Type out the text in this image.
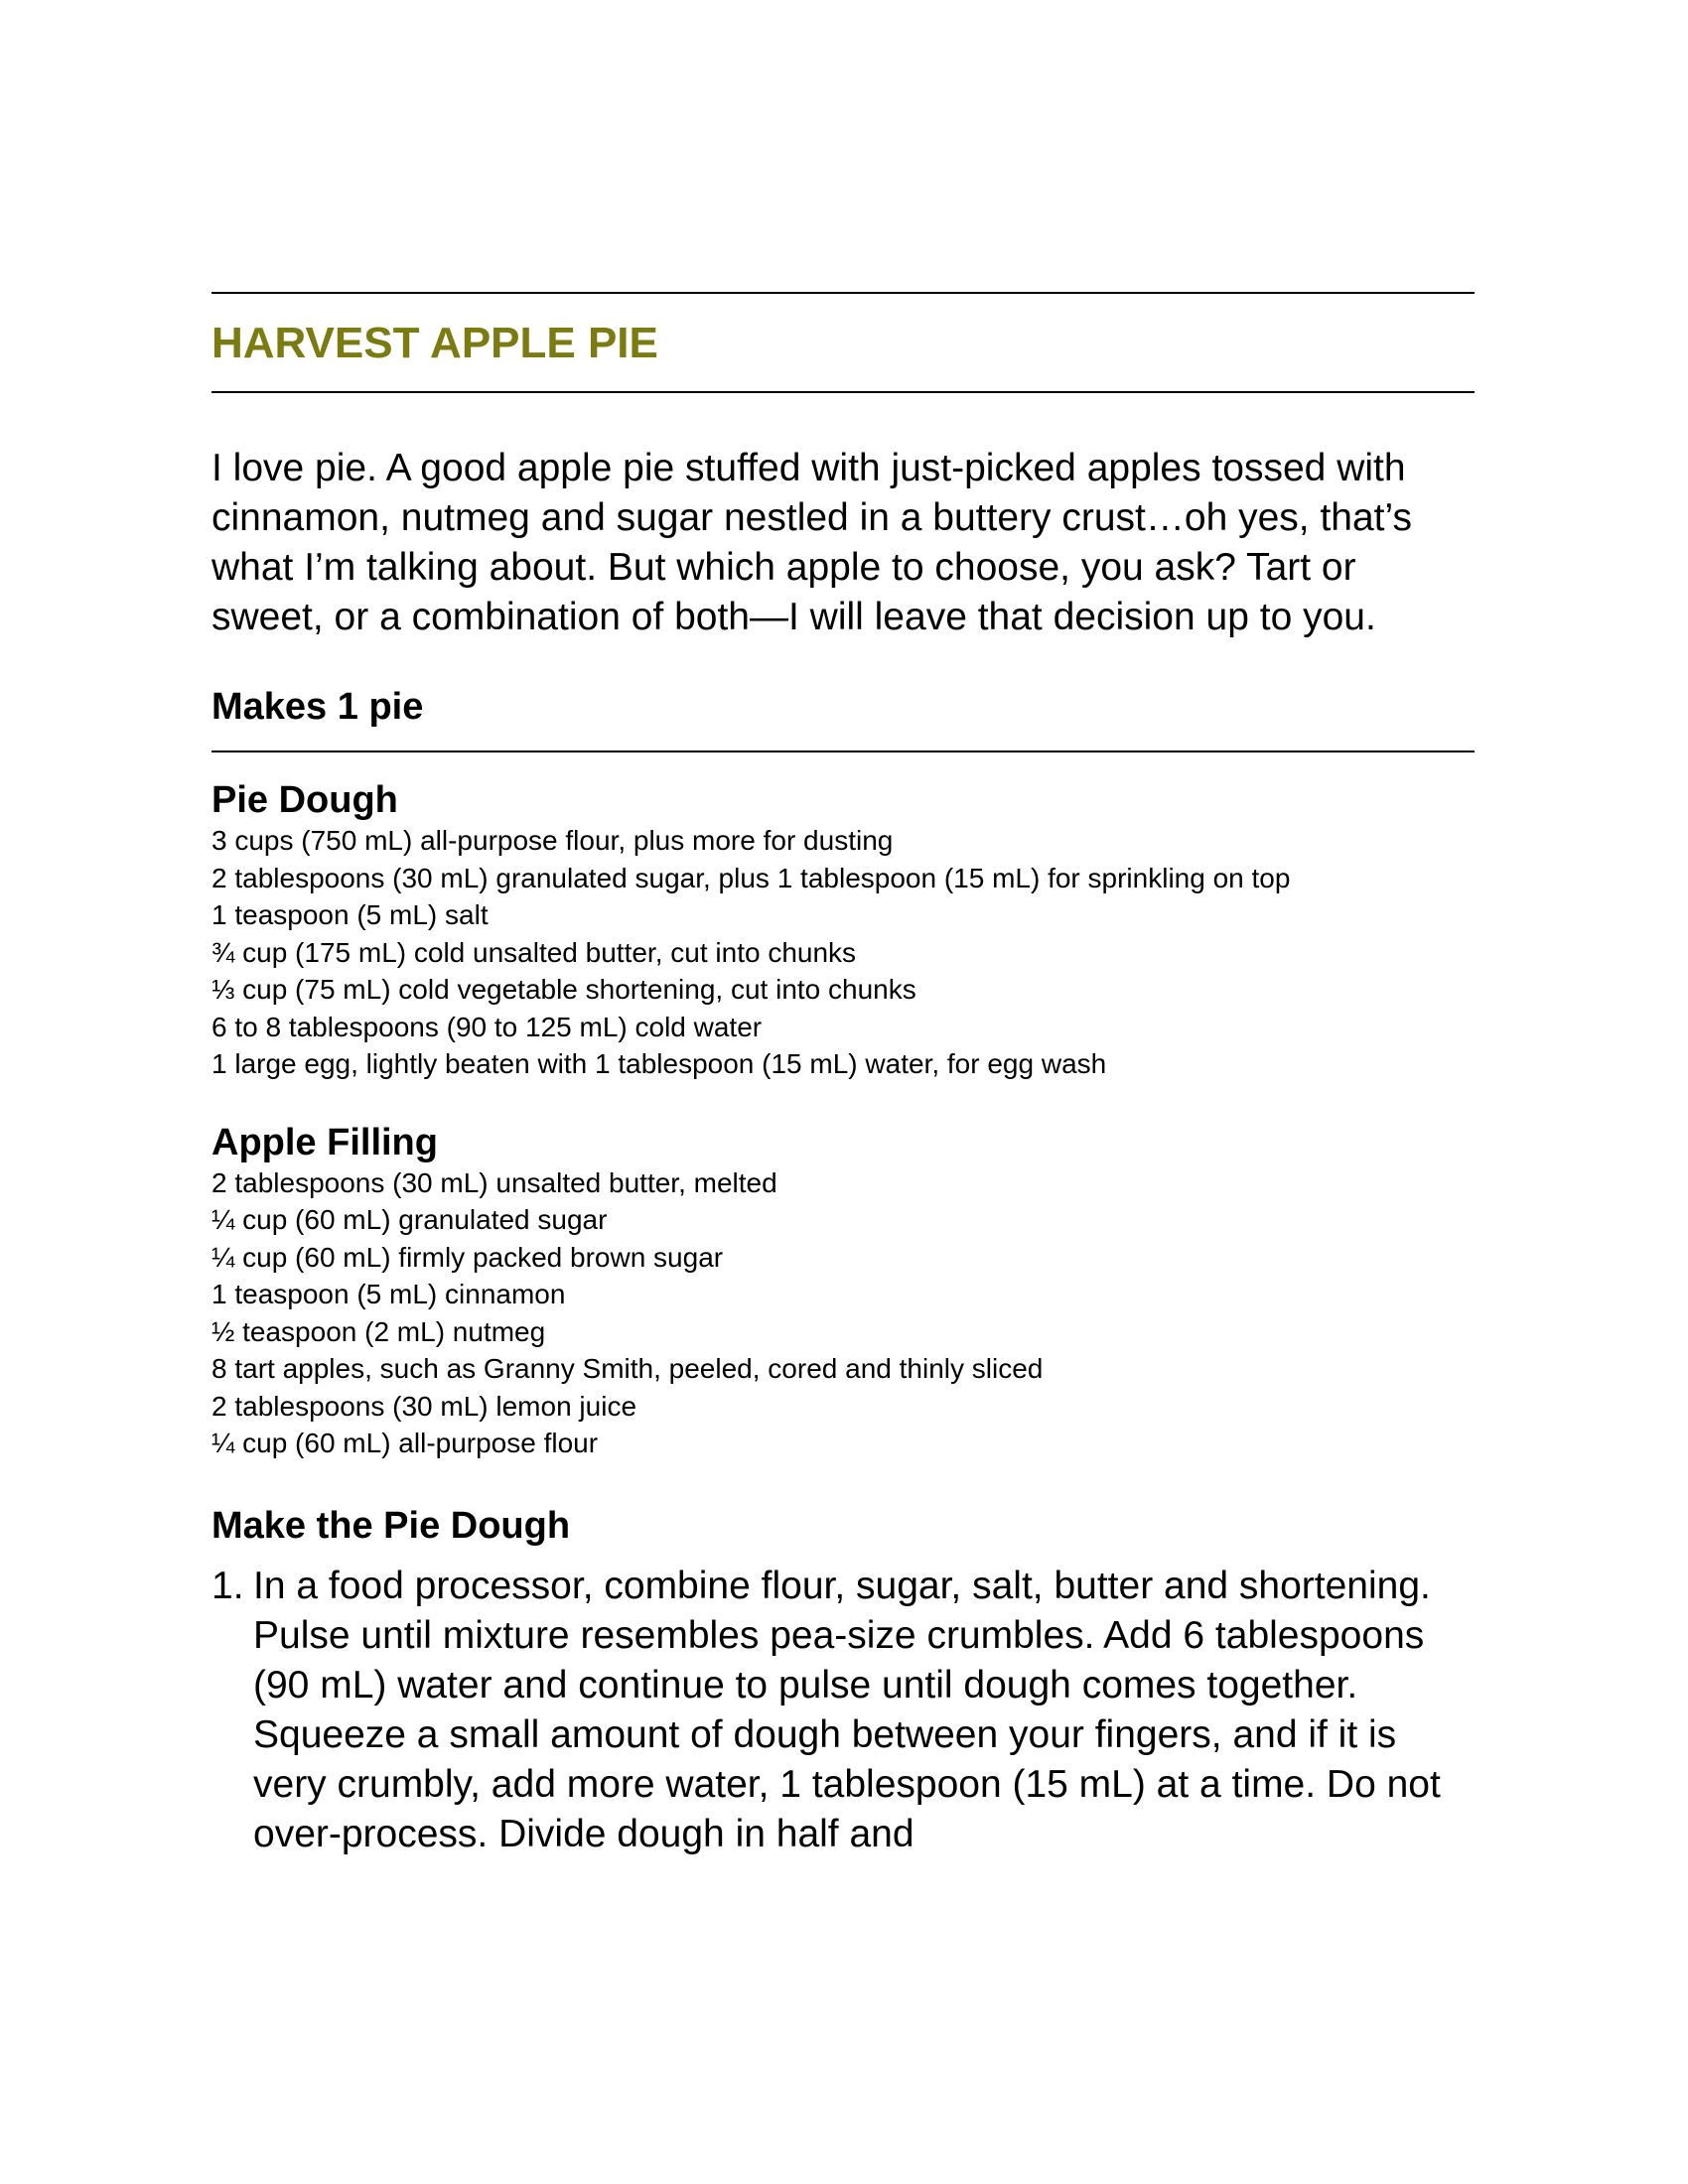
HARVEST APPLE PIE

I love pie. A good apple pie stuffed with just-picked apples tossed with cinnamon, nutmeg and sugar nestled in a buttery crust…oh yes, that’s what I’m talking about. But which apple to choose, you ask? Tart or sweet, or a combination of both—I will leave that decision up to you.

Makes 1 pie
Pie Dough
3 cups (750 mL) all-purpose flour, plus more for dusting
2 tablespoons (30 mL) granulated sugar, plus 1 tablespoon (15 mL) for sprinkling on top
1 teaspoon (5 mL) salt
¾ cup (175 mL) cold unsalted butter, cut into chunks
⅓ cup (75 mL) cold vegetable shortening, cut into chunks
6 to 8 tablespoons (90 to 125 mL) cold water
1 large egg, lightly beaten with 1 tablespoon (15 mL) water, for egg wash
Apple Filling
2 tablespoons (30 mL) unsalted butter, melted
¼ cup (60 mL) granulated sugar
¼ cup (60 mL) firmly packed brown sugar
1 teaspoon (5 mL) cinnamon
½ teaspoon (2 mL) nutmeg
8 tart apples, such as Granny Smith, peeled, cored and thinly sliced
2 tablespoons (30 mL) lemon juice
¼ cup (60 mL) all-purpose flour
Make the Pie Dough
1. In a food processor, combine flour, sugar, salt, butter and shortening. Pulse until mixture resembles pea-size crumbles. Add 6 tablespoons (90 mL) water and continue to pulse until dough comes together. Squeeze a small amount of dough between your fingers, and if it is very crumbly, add more water, 1 tablespoon (15 mL) at a time. Do not over-process. Divide dough in half and
